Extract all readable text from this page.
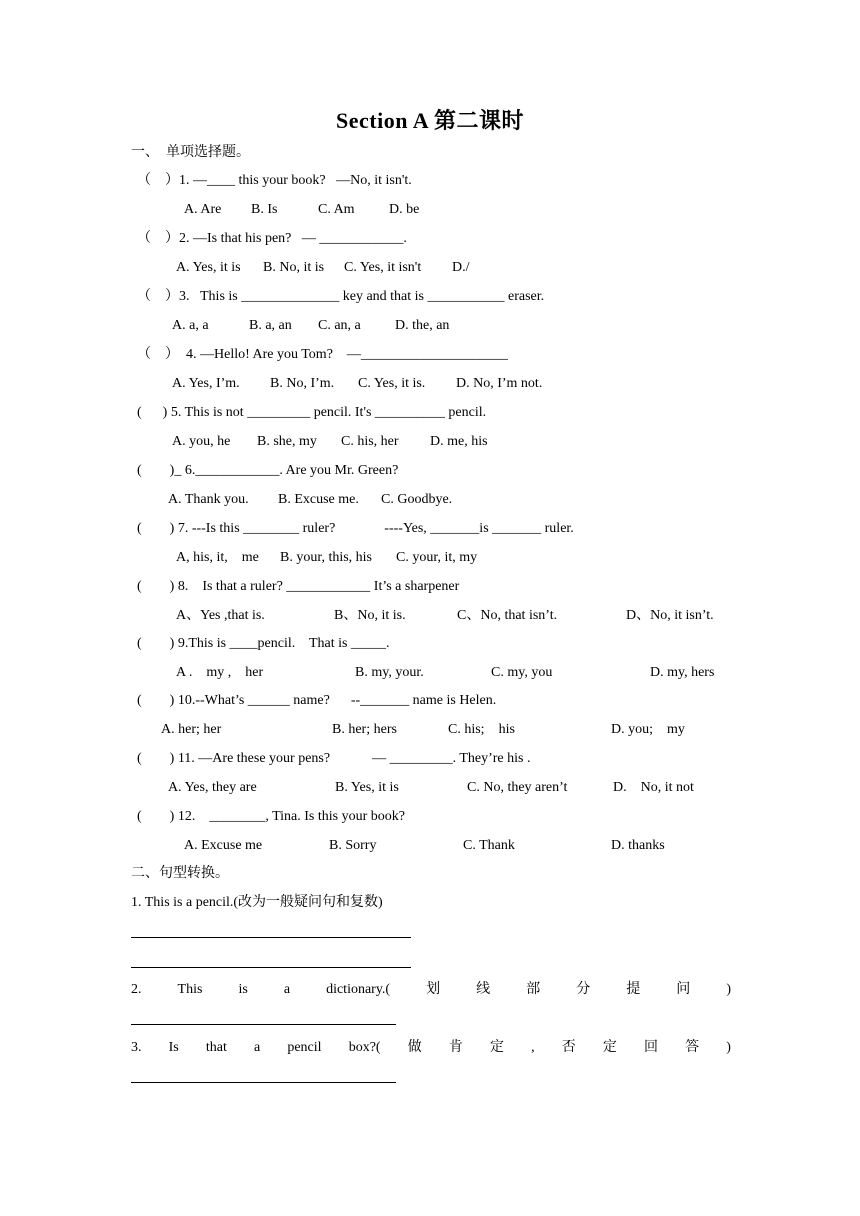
Section A 第二课时
一、  单项选择题。
（    ）1. —____ this your book?   —No, it isn't.
A. Are B. Is	C. Am D. be
（    ）2. —Is that his pen?   — ____________.
A. Yes, it is B. No, it is C. Yes, it isn't D./
（    ）3.   This is ______________ key and that is ___________ eraser.
A. a, a	B. a, an C. an, a D. the, an
（    ）  4. —Hello! Are you Tom?    —_____________________
A. Yes, I’m. B. No, I’m. C. Yes, it is. D. No, I’m not.
(      ) 5. This is not _________ pencil. It's __________ pencil.
A. you, he B. she, my C. his, her D. me, his
(        )_ 6.____________. Are you Mr. Green?
A. Thank you. B. Excuse me. C. Goodbye.
(        ) 7. ---Is this ________ ruler?              ----Yes, _______is _______ ruler.
A, his, it,    me B. your, this, his C. your, it, my
(        ) 8.    Is that a ruler? ____________ It’s a sharpener
A、Yes ,that is.	B、No, it is.	C、No, that isn’t.	D、No, it isn’t.
(        ) 9.This is ____pencil.    That is _____.
A .    my ,    her	B. my, your.	C. my, you	D. my, hers
(        ) 10.--What’s ______ name?      --_______ name is Helen.
A. her; her	B. her; hers	C. his;    his	D. you;    my
(        ) 11. —Are these your pens?            — _________. They’re his .
A. Yes, they are	B. Yes, it is	C. No, they aren’t	D.    No, it not
(        ) 12.    ________, Tina. Is this your book?
A. Excuse me	B. Sorry	C. Thank	D. thanks
二、句型转换。
1. This is a pencil.(改为一般疑问句和复数)
2.	This	is	a	dictionary.(	划	线	部	分	提	问	)
3. Is that a pencil box?( 做 肯 定 , 否 定 回 答 )
